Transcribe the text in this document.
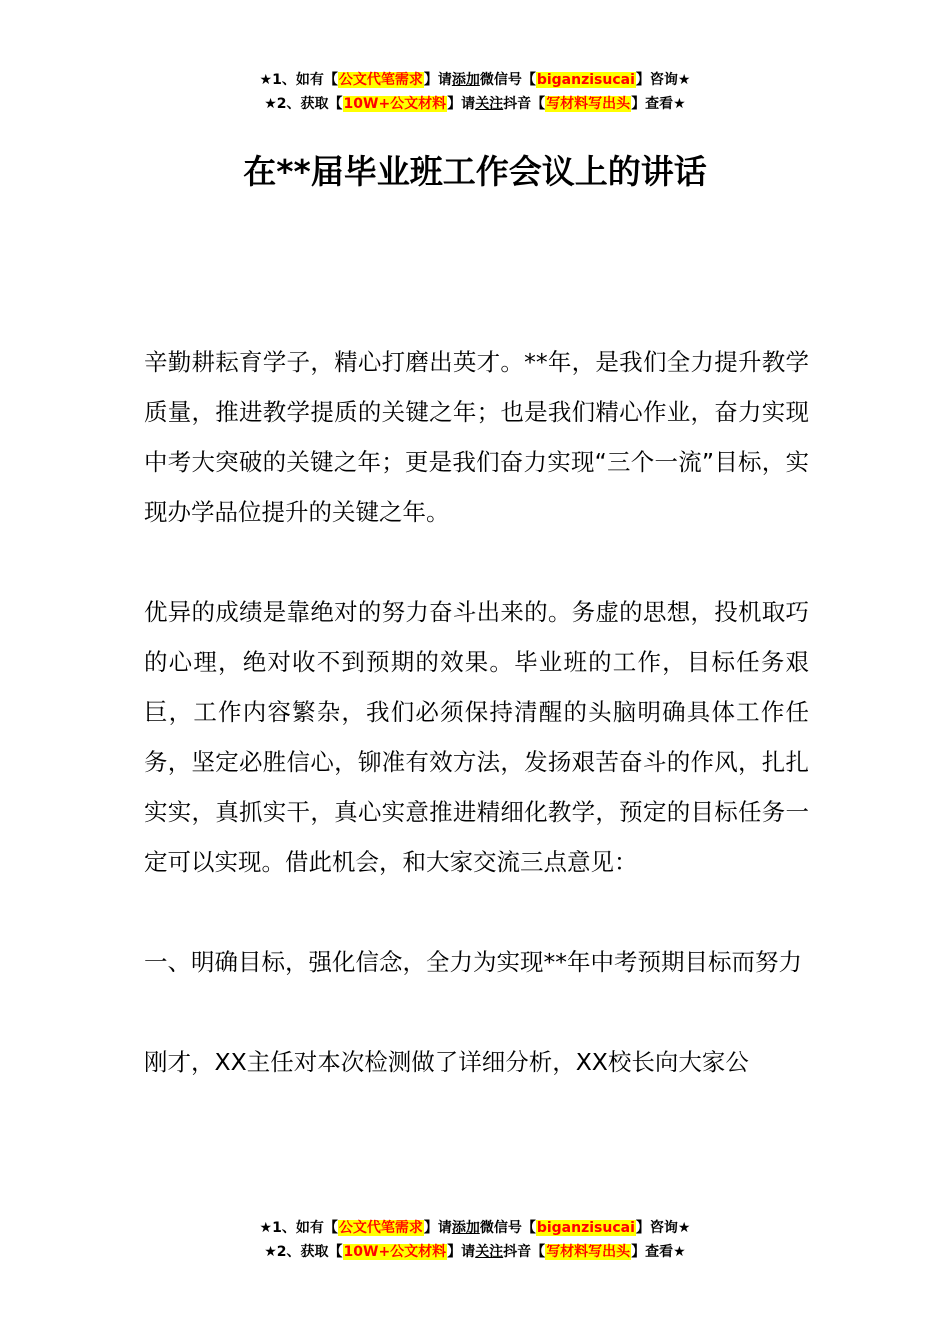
★1、如有【公文代笔需求】请添加微信号【biganzisucai】咨询★
★2、获取【10W+公文材料】请关注抖音【写材料写出头】查看★
在**届毕业班工作会议上的讲话

辛勤耕耘育学子，精心打磨出英才。**年，是我们全力提升教学质量，推进教学提质的关键之年；也是我们精心作业，奋力实现中考大突破的关键之年；更是我们奋力实现“三个一流”目标，实现办学品位提升的关键之年。

优异的成绩是靠绝对的努力奋斗出来的。务虚的思想，投机取巧的心理，绝对收不到预期的效果。毕业班的工作，目标任务艰巨，工作内容繁杂，我们必须保持清醒的头脑明确具体工作任务，坚定必胜信心，铆准有效方法，发扬艰苦奋斗的作风，扎扎实实，真抓实干，真心实意推进精细化教学，预定的目标任务一定可以实现。借此机会，和大家交流三点意见：

一、明确目标，强化信念，全力为实现**年中考预期目标而努力

刚才，XX主任对本次检测做了详细分析，XX校长向大家公

★1、如有【公文代笔需求】请添加微信号【biganzisucai】咨询★
★2、获取【10W+公文材料】请关注抖音【写材料写出头】查看★
